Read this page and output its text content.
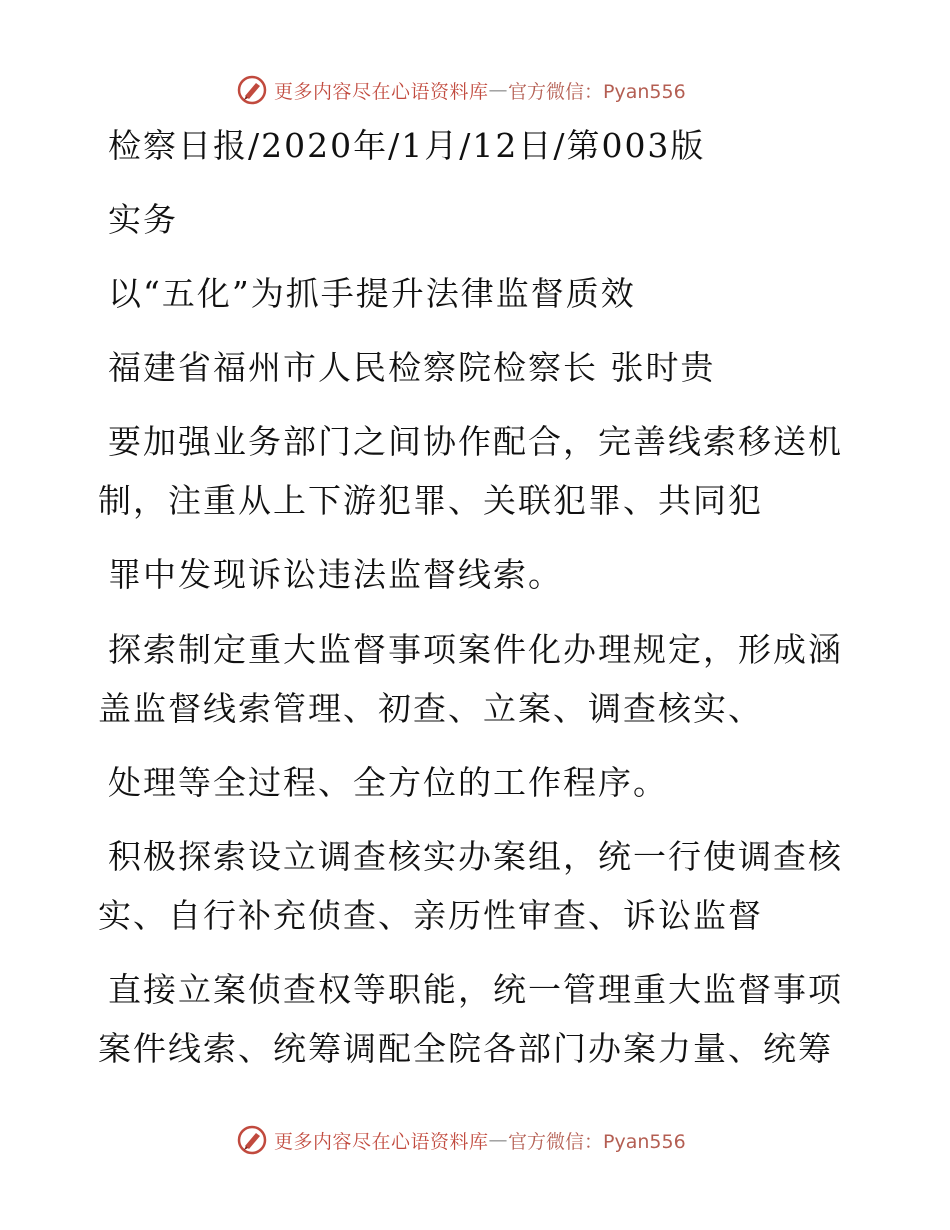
更多内容尽在心语资料库 — 官方微信：Pyan556
检察日报/2020年/1月/12日/第003版
实务
以“五化”为抓手提升法律监督质效
福建省福州市人民检察院检察长 张时贵
要加强业务部门之间协作配合，完善线索移送机
制，注重从上下游犯罪、关联犯罪、共同犯
罪中发现诉讼违法监督线索。
探索制定重大监督事项案件化办理规定，形成涵
盖监督线索管理、初查、立案、调查核实、
处理等全过程、全方位的工作程序。
积极探索设立调查核实办案组，统一行使调查核
实、自行补充侦查、亲历性审查、诉讼监督
直接立案侦查权等职能，统一管理重大监督事项
案件线索、统筹调配全院各部门办案力量、统筹
更多内容尽在心语资料库 — 官方微信：Pyan556
